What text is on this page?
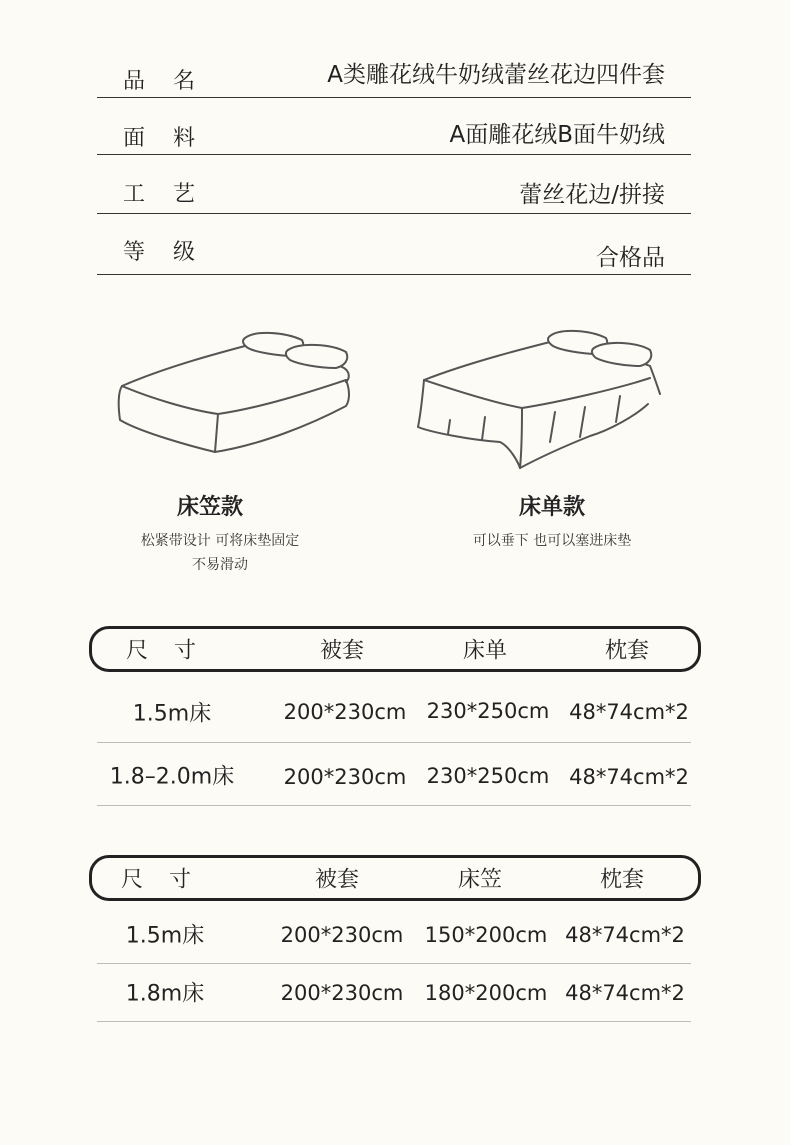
品名	A类雕花绒牛奶绒蕾丝花边四件套
面料	A面雕花绒B面牛奶绒
工艺	蕾丝花边/拼接
等级	合格品
床笠款
松紧带设计 可将床垫固定
不易滑动
床单款
可以垂下 也可以塞进床垫
尺寸	被套	床单	枕套
1.5m床	200*230cm 230*250cm 48*74cm*2
1.8–2.0m床 200*230cm 230*250cm 48*74cm*2
尺寸	被套	床笠	枕套
1.5m床	200*230cm 150*200cm 48*74cm*2
1.8m床	200*230cm 180*200cm 48*74cm*2
